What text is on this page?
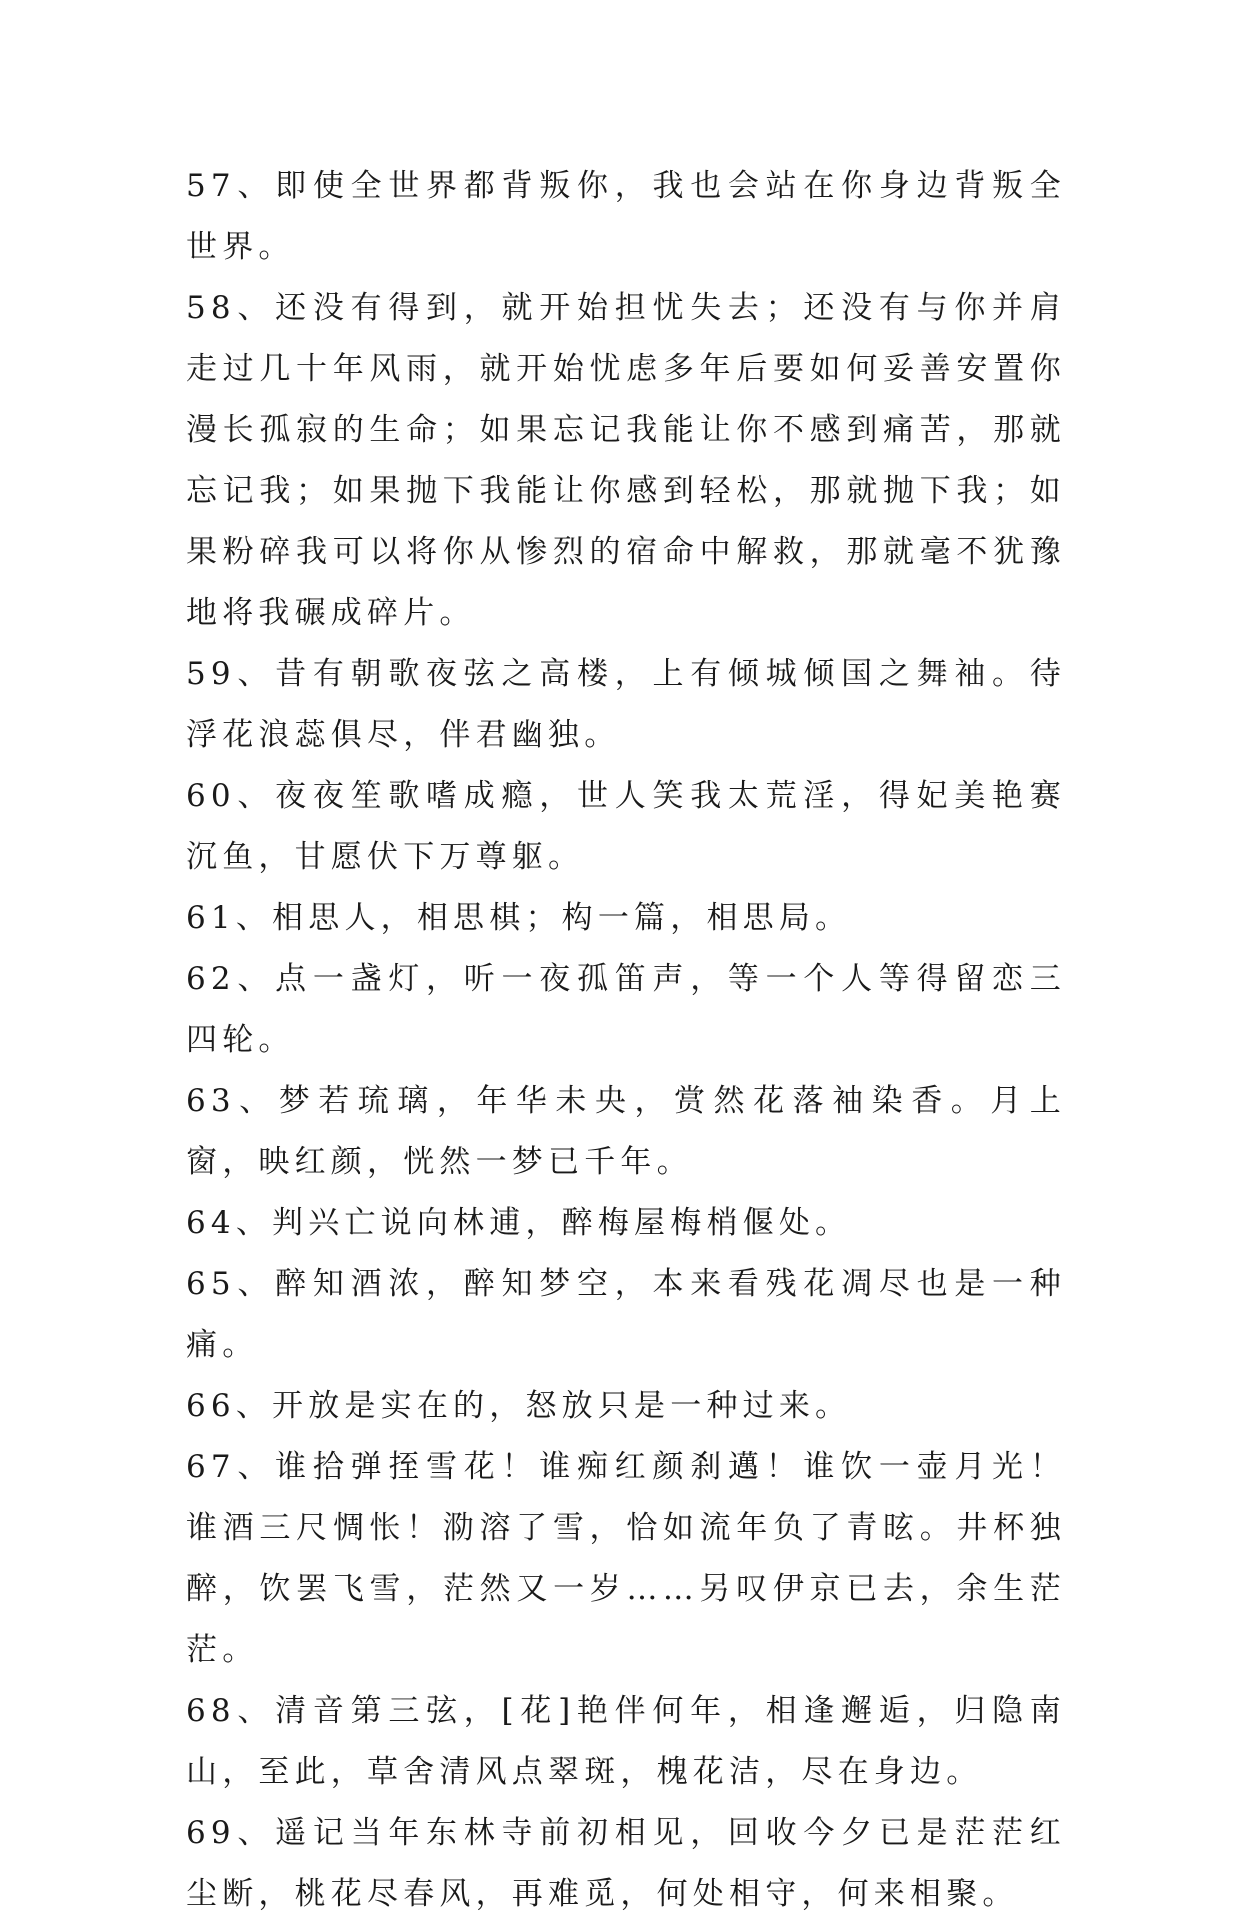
57、即使全世界都背叛你，我也会站在你身边背叛全世界。

58、还没有得到，就开始担忧失去；还没有与你并肩走过几十年风雨，就开始忧虑多年后要如何妥善安置你漫长孤寂的生命；如果忘记我能让你不感到痛苦，那就忘记我；如果抛下我能让你感到轻松，那就抛下我；如果粉碎我可以将你从惨烈的宿命中解救，那就毫不犹豫地将我碾成碎片。

59、昔有朝歌夜弦之高楼，上有倾城倾国之舞袖。待浮花浪蕊俱尽，伴君幽独。

60、夜夜笙歌嗜成瘾，世人笑我太荒淫，得妃美艳赛沉鱼，甘愿伏下万尊躯。

61、相思人，相思棋；构一篇，相思局。

62、点一盏灯，听一夜孤笛声，等一个人等得留恋三四轮。

63、梦若琉璃，年华未央，赏然花落袖染香。月上窗，映红颜，恍然一梦已千年。

64、判兴亡说向林逋，醉梅屋梅梢偃处。

65、醉知酒浓，醉知梦空，本来看残花凋尽也是一种痛。

66、开放是实在的，怒放只是一种过来。

67、谁拾弹挃雪花！谁痴红颜刹邁！谁饮一壶月光！谁酒三尺惆怅！泐溶了雪，恰如流年负了青昡。井杯独醉，饮罢飞雪，茫然又一岁……另叹伊京已去，余生茫茫。

68、清音第三弦，[花]艳伴何年，相逢邂逅，归隐南山，至此，草舍清风点翠斑，槐花洁，尽在身边。

69、遥记当年东林寺前初相见，回收今夕已是茫茫红尘断，桃花尽春风，再难觅，何处相守，何来相聚。
